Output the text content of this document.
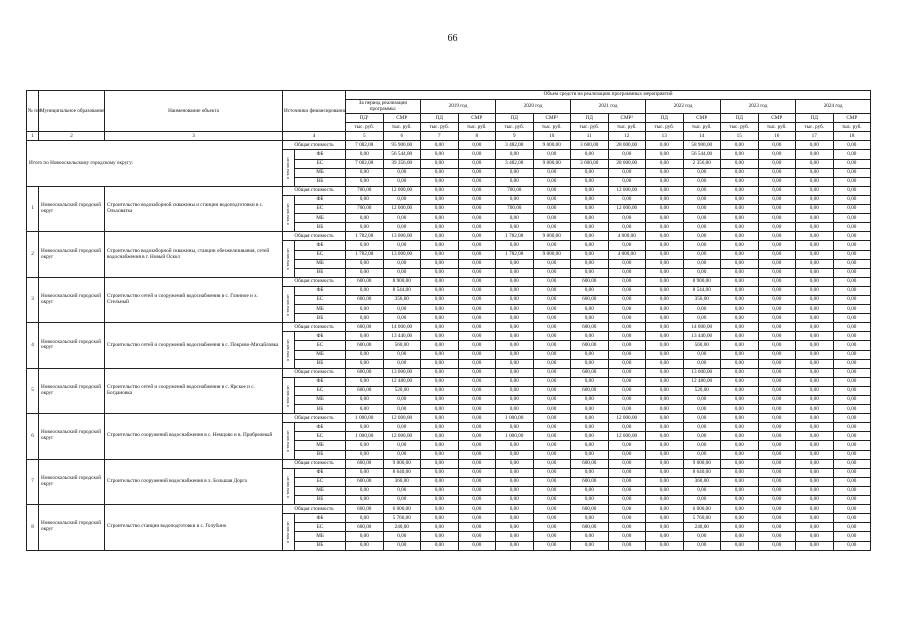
66
№ п/п	Муниципальное образование	Наименование объекта	Источники финансирования		Объем средств на реализацию программных мероприятий													
					За период реализации программы:		2019 год		2020 год		2021 год		2022 год		2023 год		2024 год	
					ПД¹	СМР	ПД	СМР	ПД	СМР²	ПД	СМР²	ПД	СМР	ПД	СМР	ПД	СМР
					тыс. руб.	тыс. руб.	тыс. руб.	тыс. руб.	тыс. руб.	тыс. руб.	тыс. руб.	тыс. руб.	тыс. руб.	тыс. руб.	тыс. руб.	тыс. руб.	тыс. руб.	тыс. руб.
1	2	3	4		5	6	7	8	9	10	11	12	13	14	15	16	17	18
Итого по Новооскольскому городскому округу:			Общая стоимость		7 082,08	95 900,00	0,00	0,00	3 482,08	9 000,00	3 600,00	28 000,00	0,00	58 900,00	0,00	0,00	0,00	0,00

			в том числе:	ФБ	0,00	56 544,00	0,00	0,00	0,00	0,00	0,00	0,00	0,00	56 544,00	0,00	0,00	0,00	0,00
				БС	7 082,08	39 356,00	0,00	0,00	3 482,08	9 000,00	3 600,00	28 000,00	0,00	2 356,00	0,00	0,00	0,00	0,00
				МБ	0,00	0,00	0,00	0,00	0,00	0,00	0,00	0,00	0,00	0,00	0,00	0,00	0,00	0,00
				ВБ	0,00	0,00	0,00	0,00	0,00	0,00	0,00	0,00	0,00	0,00	0,00	0,00	0,00	0,00
1	Новооскольский городской округ	Строительство водозаборной скважины и станции водоподготовки в с. Ольховатка	Общая стоимость		700,00	12 000,00	0,00	0,00	700,00	0,00	0,00	12 000,00	0,00	0,00	0,00	0,00	0,00	0,00

			в том числе:	ФБ	0,00	0,00	0,00	0,00	0,00	0,00	0,00	0,00	0,00	0,00	0,00	0,00	0,00	0,00
				БС	700,00	12 000,00	0,00	0,00	700,00	0,00	0,00	12 000,00	0,00	0,00	0,00	0,00	0,00	0,00
				МБ	0,00	0,00	0,00	0,00	0,00	0,00	0,00	0,00	0,00	0,00	0,00	0,00	0,00	0,00
				ВБ	0,00	0,00	0,00	0,00	0,00	0,00	0,00	0,00	0,00	0,00	0,00	0,00	0,00	0,00
2	Новооскольский городской округ	Строительство водозаборной скважины, станции обезжелезивания, сетей водоснабжения в г. Новый Оскол	Общая стоимость		1 782,08	13 000,00	0,00	0,00	1 782,08	9 000,00	0,00	4 000,00	0,00	0,00	0,00	0,00	0,00	0,00

			в том числе:	ФБ	0,00	0,00	0,00	0,00	0,00	0,00	0,00	0,00	0,00	0,00	0,00	0,00	0,00	0,00
				БС	1 782,08	13 000,00	0,00	0,00	1 782,08	9 000,00	0,00	4 000,00	0,00	0,00	0,00	0,00	0,00	0,00
				МБ	0,00	0,00	0,00	0,00	0,00	0,00	0,00	0,00	0,00	0,00	0,00	0,00	0,00	0,00
				ВБ	0,00	0,00	0,00	0,00	0,00	0,00	0,00	0,00	0,00	0,00	0,00	0,00	0,00	0,00
3	Новооскольский городской округ	Строительство сетей и сооружений водоснабжения в с. Глинное и х. Стельный	Общая стоимость		600,00	8 900,00	0,00	0,00	0,00	0,00	600,00	0,00	0,00	8 900,00	0,00	0,00	0,00	0,00

			в том числе:	ФБ	0,00	8 544,00	0,00	0,00	0,00	0,00	0,00	0,00	0,00	8 544,00	0,00	0,00	0,00	0,00
				БС	600,00	356,00	0,00	0,00	0,00	0,00	600,00	0,00	0,00	356,00	0,00	0,00	0,00	0,00
				МБ	0,00	0,00	0,00	0,00	0,00	0,00	0,00	0,00	0,00	0,00	0,00	0,00	0,00	0,00
				ВБ	0,00	0,00	0,00	0,00	0,00	0,00	0,00	0,00	0,00	0,00	0,00	0,00	0,00	0,00
4	Новооскольский городской округ	Строительство сетей и сооружений водоснабжения в с. Покрово-Михайловка	Общая стоимость		600,00	14 000,00	0,00	0,00	0,00	0,00	600,00	0,00	0,00	14 000,00	0,00	0,00	0,00	0,00

			в том числе:	ФБ	0,00	13 440,00	0,00	0,00	0,00	0,00	0,00	0,00	0,00	13 440,00	0,00	0,00	0,00	0,00
				БС	600,00	560,00	0,00	0,00	0,00	0,00	600,00	0,00	0,00	560,00	0,00	0,00	0,00	0,00
				МБ	0,00	0,00	0,00	0,00	0,00	0,00	0,00	0,00	0,00	0,00	0,00	0,00	0,00	0,00
				ВБ	0,00	0,00	0,00	0,00	0,00	0,00	0,00	0,00	0,00	0,00	0,00	0,00	0,00	0,00
5	Новооскольский городской округ	Строительство сетей и сооружений водоснабжения в с. Ярское и с. Богдановка	Общая стоимость		600,00	13 000,00	0,00	0,00	0,00	0,00	600,00	0,00	0,00	13 000,00	0,00	0,00	0,00	0,00

			в том числе:	ФБ	0,00	12 480,00	0,00	0,00	0,00	0,00	0,00	0,00	0,00	12 480,00	0,00	0,00	0,00	0,00
				БС	600,00	520,00	0,00	0,00	0,00	0,00	600,00	0,00	0,00	520,00	0,00	0,00	0,00	0,00
				МБ	0,00	0,00	0,00	0,00	0,00	0,00	0,00	0,00	0,00	0,00	0,00	0,00	0,00	0,00
				ВБ	0,00	0,00	0,00	0,00	0,00	0,00	0,00	0,00	0,00	0,00	0,00	0,00	0,00	0,00
6	Новооскольский городской округ	Строительство сооружений водоснабжения в с. Немцово и в. Прибрежный	Общая стоимость		1 000,00	12 000,00	0,00	0,00	1 000,00	0,00	0,00	12 000,00	0,00	0,00	0,00	0,00	0,00	0,00

			в том числе:	ФБ	0,00	0,00	0,00	0,00	0,00	0,00	0,00	0,00	0,00	0,00	0,00	0,00	0,00	0,00
				БС	1 000,00	12 000,00	0,00	0,00	1 000,00	0,00	0,00	12 000,00	0,00	0,00	0,00	0,00	0,00	0,00
				МБ	0,00	0,00	0,00	0,00	0,00	0,00	0,00	0,00	0,00	0,00	0,00	0,00	0,00	0,00
				ВБ	0,00	0,00	0,00	0,00	0,00	0,00	0,00	0,00	0,00	0,00	0,00	0,00	0,00	0,00
7	Новооскольский городской округ	Строительство сооружений водоснабжения в х. Большая Дорга	Общая стоимость		600,00	9 000,00	0,00	0,00	0,00	0,00	600,00	0,00	0,00	9 000,00	0,00	0,00	0,00	0,00

			в том числе:	ФБ	0,00	8 640,00	0,00	0,00	0,00	0,00	0,00	0,00	0,00	8 640,00	0,00	0,00	0,00	0,00
				БС	600,00	360,00	0,00	0,00	0,00	0,00	600,00	0,00	0,00	360,00	0,00	0,00	0,00	0,00
				МБ	0,00	0,00	0,00	0,00	0,00	0,00	0,00	0,00	0,00	0,00	0,00	0,00	0,00	0,00
				ВБ	0,00	0,00	0,00	0,00	0,00	0,00	0,00	0,00	0,00	0,00	0,00	0,00	0,00	0,00
8	Новооскольский городской округ	Строительство станции водоподготовки в с. Голубино	Общая стоимость		600,00	6 000,00	0,00	0,00	0,00	0,00	600,00	0,00	0,00	6 000,00	0,00	0,00	0,00	0,00

			в том числе:	ФБ	0,00	5 760,00	0,00	0,00	0,00	0,00	0,00	0,00	0,00	5 760,00	0,00	0,00	0,00	0,00
				БС	600,00	240,00	0,00	0,00	0,00	0,00	600,00	0,00	0,00	240,00	0,00	0,00	0,00	0,00
				МБ	0,00	0,00	0,00	0,00	0,00	0,00	0,00	0,00	0,00	0,00	0,00	0,00	0,00	0,00
				ВБ	0,00	0,00	0,00	0,00	0,00	0,00	0,00	0,00	0,00	0,00	0,00	0,00	0,00	0,00
